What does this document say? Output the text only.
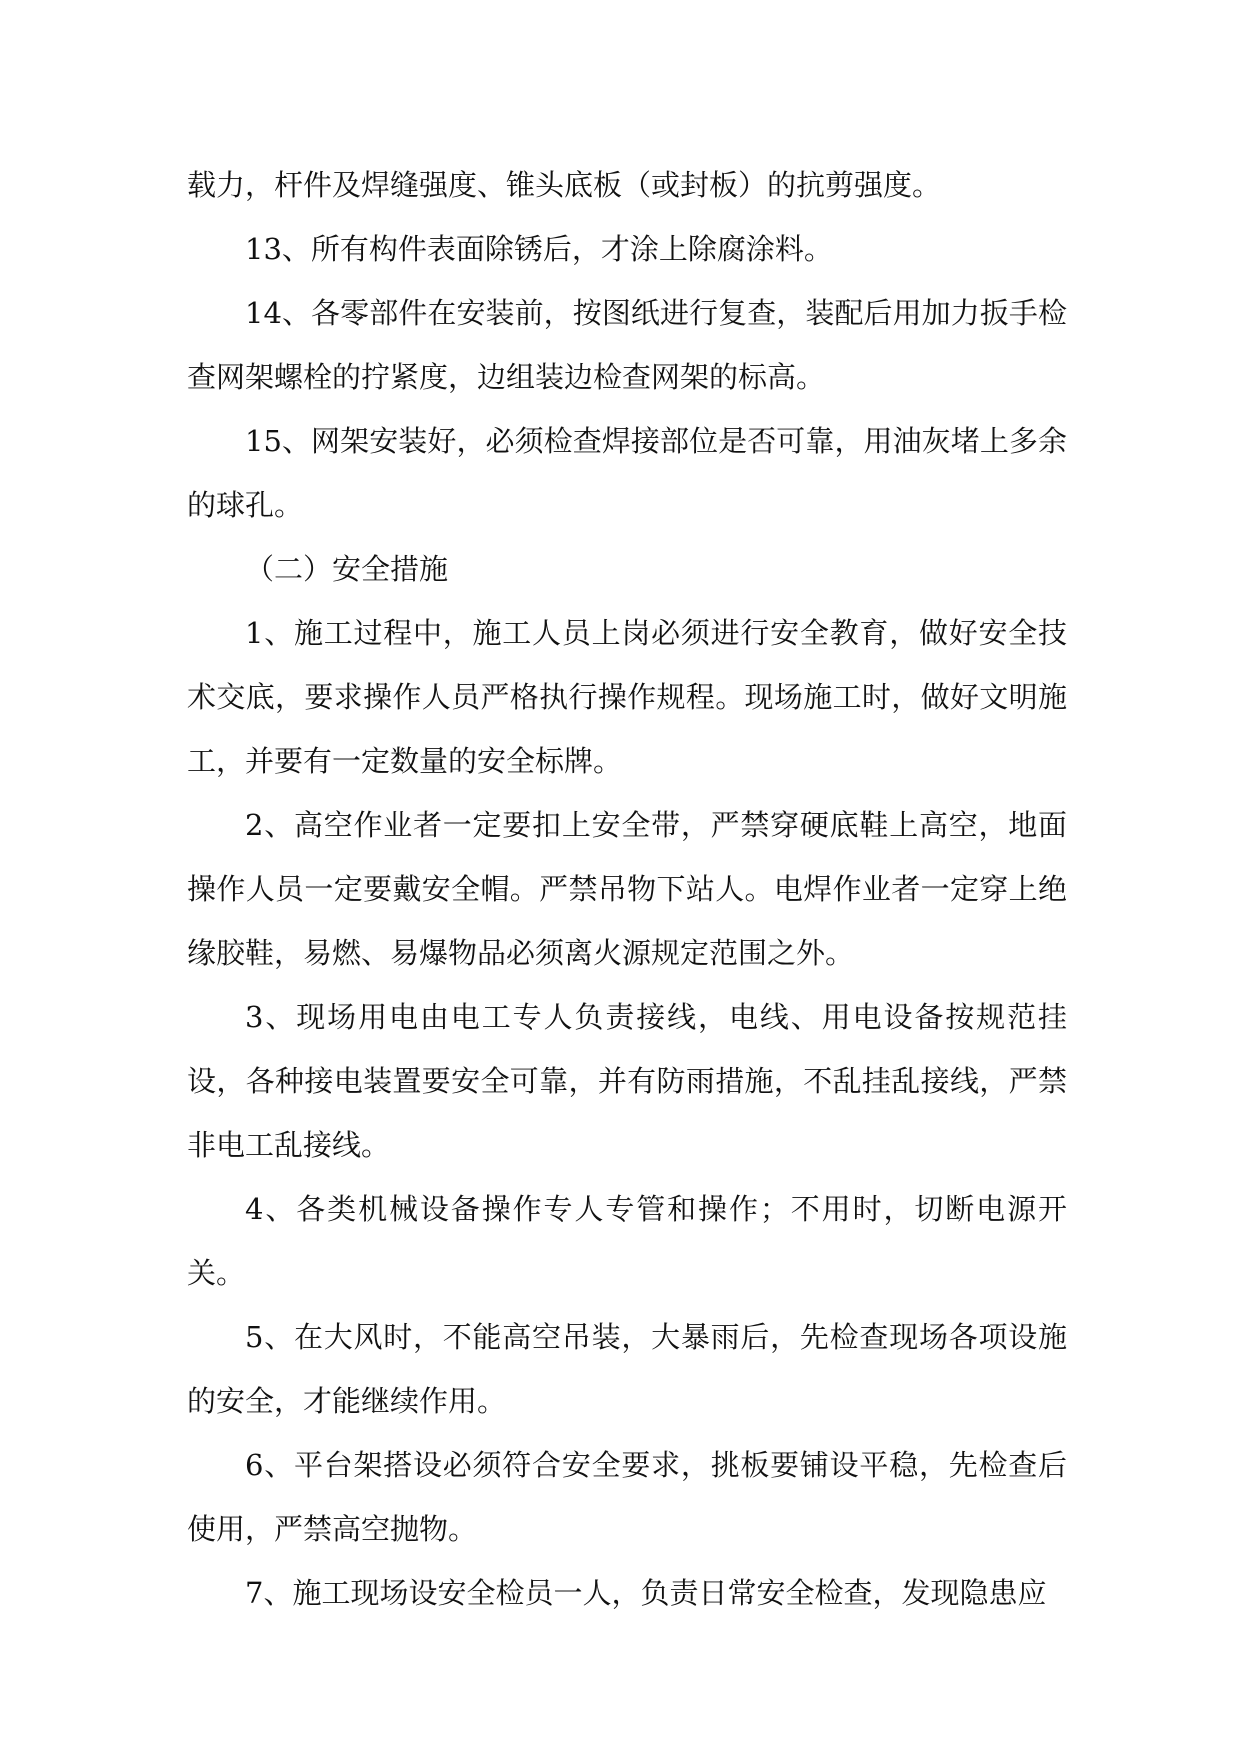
载力，杆件及焊缝强度、锥头底板（或封板）的抗剪强度。

13、所有构件表面除锈后，才涂上除腐涂料。

14、各零部件在安装前，按图纸进行复查，装配后用加力扳手检查网架螺栓的拧紧度，边组装边检查网架的标高。

15、网架安装好，必须检查焊接部位是否可靠，用油灰堵上多余的球孔。

（二）安全措施

1、施工过程中，施工人员上岗必须进行安全教育，做好安全技术交底，要求操作人员严格执行操作规程。现场施工时，做好文明施工，并要有一定数量的安全标牌。

2、高空作业者一定要扣上安全带，严禁穿硬底鞋上高空，地面操作人员一定要戴安全帽。严禁吊物下站人。电焊作业者一定穿上绝缘胶鞋，易燃、易爆物品必须离火源规定范围之外。

3、现场用电由电工专人负责接线，电线、用电设备按规范挂设，各种接电装置要安全可靠，并有防雨措施，不乱挂乱接线，严禁非电工乱接线。

4、各类机械设备操作专人专管和操作；不用时，切断电源开关。

5、在大风时，不能高空吊装，大暴雨后，先检查现场各项设施的安全，才能继续作用。

6、平台架搭设必须符合安全要求，挑板要铺设平稳，先检查后使用，严禁高空抛物。

7、施工现场设安全检员一人，负责日常安全检查，发现隐患应
